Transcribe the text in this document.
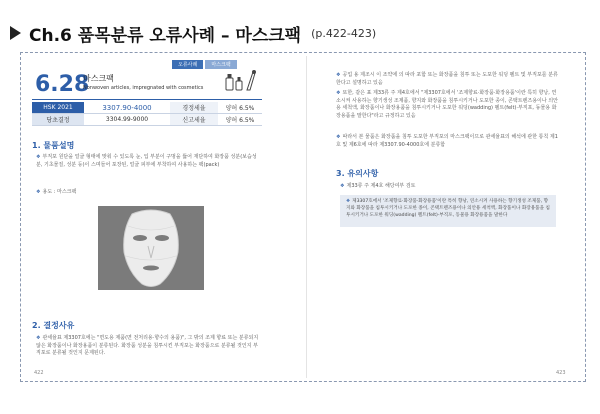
Ch.6 품목분류 오류사례 – 마스크팩 (p.422-423)
오류사례	마스크팩
6.28
마스크팩
Nonwoven articles, impregnated with cosmetics
HSK 2021	3307.90-4000	경정세율	양허 6.5%
당초결정	3304.99-9000	신고세율	양허 6.5%
1. 물품설명
❖ 부직포 원단을 얼굴 형태에 맞춰 수 있도록 눈, 입 부분이 구멍을 뚫어 재단하여 화장품 성분(보습성분, 기초물질, 성분 등)이 스며들어 포장된, 얼굴 피부에 부착하여 사용하는 팩(pack)
❖ 용도 : 마스크팩
2. 결정사유
❖ 관세율표 제3307호에는 "면도용 제품(면 전처리용·향수의 용품)", 그 밖의 조제 향료 또는 분류되지 않은 화장품이나 화장용품이 분류된다. 화장품 성분을 침투시킨 부직포는 화장품으로 분류될 것인지 부직포로 분류될 것인지 문제된다.
422
❖ 공업 용 제조시 이 조약에 의 따라 포함 또는 화장품을 침투 또는 도포한 워딩 펠트 및 부직포를 분류한다고 설명하고 있음
❖ 또한, 같은 표 제33류 주 제4호에서 "제3307호에서 '조제향료·화장품·화장용품'이란 특히 향낭, 연소시켜 사용하는 향기생성 조제품, 향지와 화장품을 침투시키거나 도포한 종이, 콘택트렌즈용이나 의안용 세척액, 화장품이나 화장용품을 침투시키거나 도포한 워딩(wadding) 펠트(felt)·부직포, 동물용 화장용품을 말한다"라고 규정하고 있음
❖ 따라서 본 물품은 화장품을 침투 도포한 부직포의 마스크팩이므로 관세율표의 해석에 관한 통칙 제1호 및 제6호에 따라 제3307.90-4000호에 분류함
3. 유의사항
❖ 제33류 주 제4호 해당여부 검토
❖ 제3307호에서 '조제향료·화장품·화장용품'이란 특히 향낭, 연소시켜 사용하는 향기생성 조제품, 향지와 화장품을 침투시키거나 도포한 종이, 콘택트렌즈용이나 의안용 세척액, 화장품이나 화장용품을 침투시키거나 도포한 워딩(wadding) 펠트(felt)·부직포, 동물용 화장용품을 말한다
423
